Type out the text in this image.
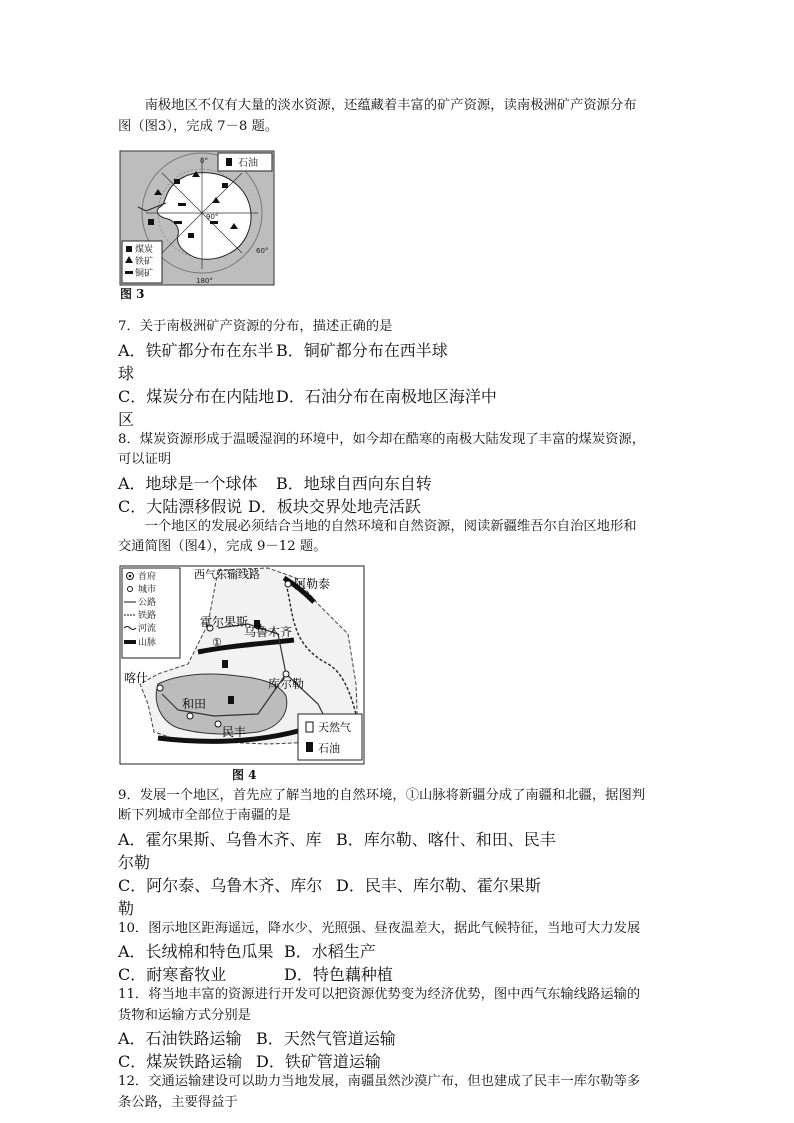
南极地区不仅有大量的淡水资源，还蕴藏着丰富的矿产资源，读南极洲矿产资源分布

图（图3），完成 7－8 题。

0°
90°
60°
180°
石油
煤炭
铁矿
铜矿
图 3

7．关于南极洲矿产资源的分布，描述正确的是

A．铁矿都分布在东半球
B．铜矿都分布在西半球
C．煤炭分布在内陆地区
D．石油分布在南极地区海洋中

8．煤炭资源形成于温暖湿润的环境中，如今却在酷寒的南极大陆发现了丰富的煤炭资源，

可以证明

A．地球是一个球体	B．地球自西向东自转
C．大陆漂移假说 D．板块交界处地壳活跃

一个地区的发展必须结合当地的自然环境和自然资源，阅读新疆维吾尔自治区地形和

交通简图（图4），完成 9－12 题。

霍尔果斯
乌鲁木齐
阿勒泰
喀什	库尔勒
和田
民丰
①
西气东输线路
首府
城市
公路
铁路
河流
山脉
天然气
石油
图 4

9．发展一个地区，首先应了解当地的自然环境，①山脉将新疆分成了南疆和北疆，据图判

断下列城市全部位于南疆的是

A．霍尔果斯、乌鲁木齐、库尔勒
B．库尔勒、喀什、和田、民丰
C．阿尔泰、乌鲁木齐、库尔勒
D．民丰、库尔勒、霍尔果斯

10．图示地区距海遥远，降水少、光照强、昼夜温差大，据此气候特征，当地可大力发展

A．长绒棉和特色瓜果 B．水稻生产
C．耐寒畜牧业	D．特色藕种植

11．将当地丰富的资源进行开发可以把资源优势变为经济优势，图中西气东输线路运输的

货物和运输方式分别是

A．石油铁路运输 B．天然气管道运输
C．煤炭铁路运输 D．铁矿管道运输

12．交通运输建设可以助力当地发展，南疆虽然沙漠广布，但也建成了民丰一库尔勒等多

条公路，主要得益于
